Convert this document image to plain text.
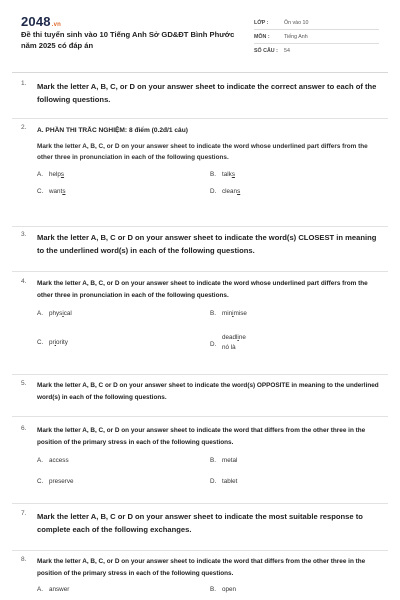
2048.vn
Đề thi tuyển sinh vào 10 Tiếng Anh Sở GD&ĐT Bình Phước năm 2025 có đáp án
LỚP :	Ôn vào 10
MÔN :	Tiếng Anh
SỐ CÂU :	54
1.	Mark the letter A, B, C, or D on your answer sheet to indicate the correct answer to each of the following questions.
2.	A. PHẦN THI TRẮC NGHIỆM: 8 điểm (0.2đ/1 câu)
Mark the letter A, B, C, or D on your answer sheet to indicate the word whose underlined part differs from the other three in pronunciation in each of the following questions.
A. helps	B. talks
C. wants	D. cleans
3.	Mark the letter A, B, C or D on your answer sheet to indicate the word(s) CLOSEST in meaning to the underlined word(s) in each of the following questions.
4.	Mark the letter A, B, C, or D on your answer sheet to indicate the word whose underlined part differs from the other three in pronunciation in each of the following questions.
A. physical	B. minimise
C. priority	D.
deadline
nó là
5.	Mark the letter A, B, C or D on your answer sheet to indicate the word(s) OPPOSITE in meaning to the underlined word(s) in each of the following questions.
6.	Mark the letter A, B, C, or D on your answer sheet to indicate the word that differs from the other three in the position of the primary stress in each of the following questions.
A. access	B. metal
C. preserve	D. tablet
7.	Mark the letter A, B, C or D on your answer sheet to indicate the most suitable response to complete each of the following exchanges.
8.	Mark the letter A, B, C, or D on your answer sheet to indicate the word that differs from the other three in the position of the primary stress in each of the following questions.
A. answer	B. open
